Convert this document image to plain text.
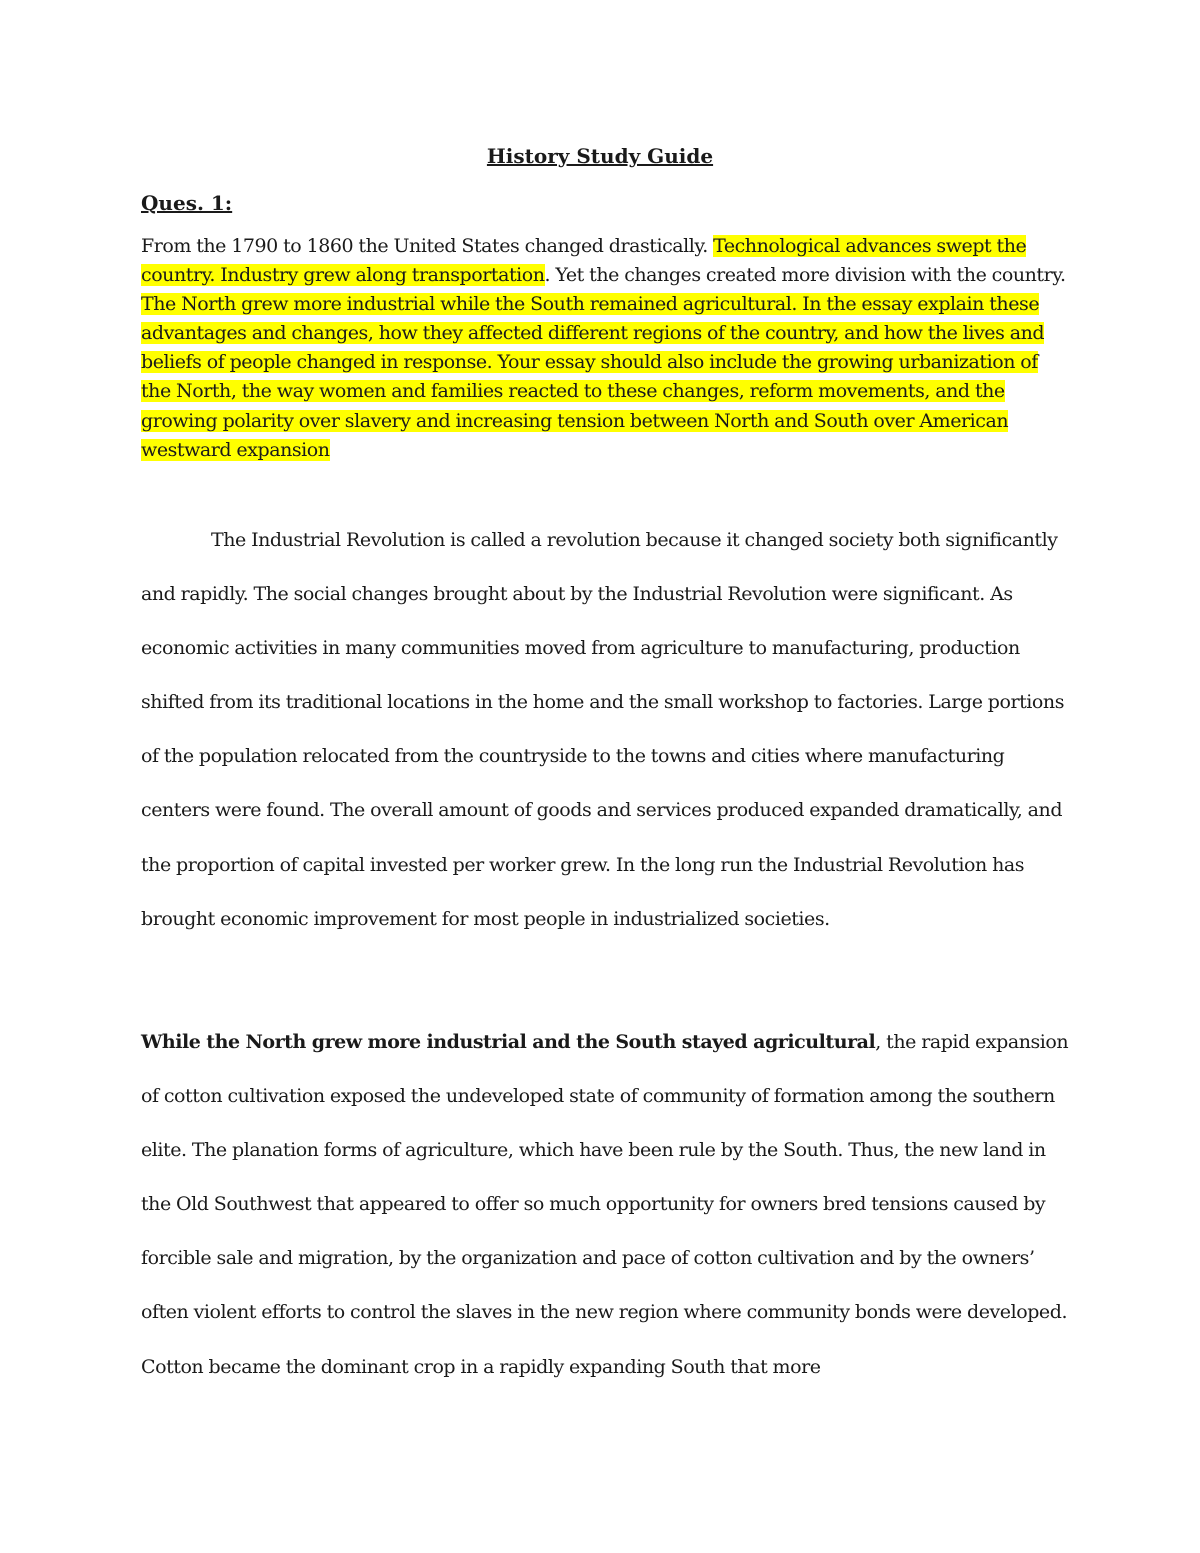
History Study Guide
Ques. 1:

From the 1790 to 1860 the United States changed drastically. Technological advances swept the country. Industry grew along transportation. Yet the changes created more division with the country. The North grew more industrial while the South remained agricultural. In the essay explain these advantages and changes, how they affected different regions of the country, and how the lives and beliefs of people changed in response. Your essay should also include the growing urbanization of the North, the way women and families reacted to these changes, reform movements, and the growing polarity over slavery and increasing tension between North and South over American westward expansion

The Industrial Revolution is called a revolution because it changed society both significantly and rapidly. The social changes brought about by the Industrial Revolution were significant. As economic activities in many communities moved from agriculture to manufacturing, production shifted from its traditional locations in the home and the small workshop to factories. Large portions of the population relocated from the countryside to the towns and cities where manufacturing centers were found. The overall amount of goods and services produced expanded dramatically, and the proportion of capital invested per worker grew. In the long run the Industrial Revolution has brought economic improvement for most people in industrialized societies.

While the North grew more industrial and the South stayed agricultural, the rapid expansion of cotton cultivation exposed the undeveloped state of community of formation among the southern elite. The planation forms of agriculture, which have been rule by the South. Thus, the new land in the Old Southwest that appeared to offer so much opportunity for owners bred tensions caused by forcible sale and migration, by the organization and pace of cotton cultivation and by the owners’ often violent efforts to control the slaves in the new region where community bonds were developed. Cotton became the dominant crop in a rapidly expanding South that more
